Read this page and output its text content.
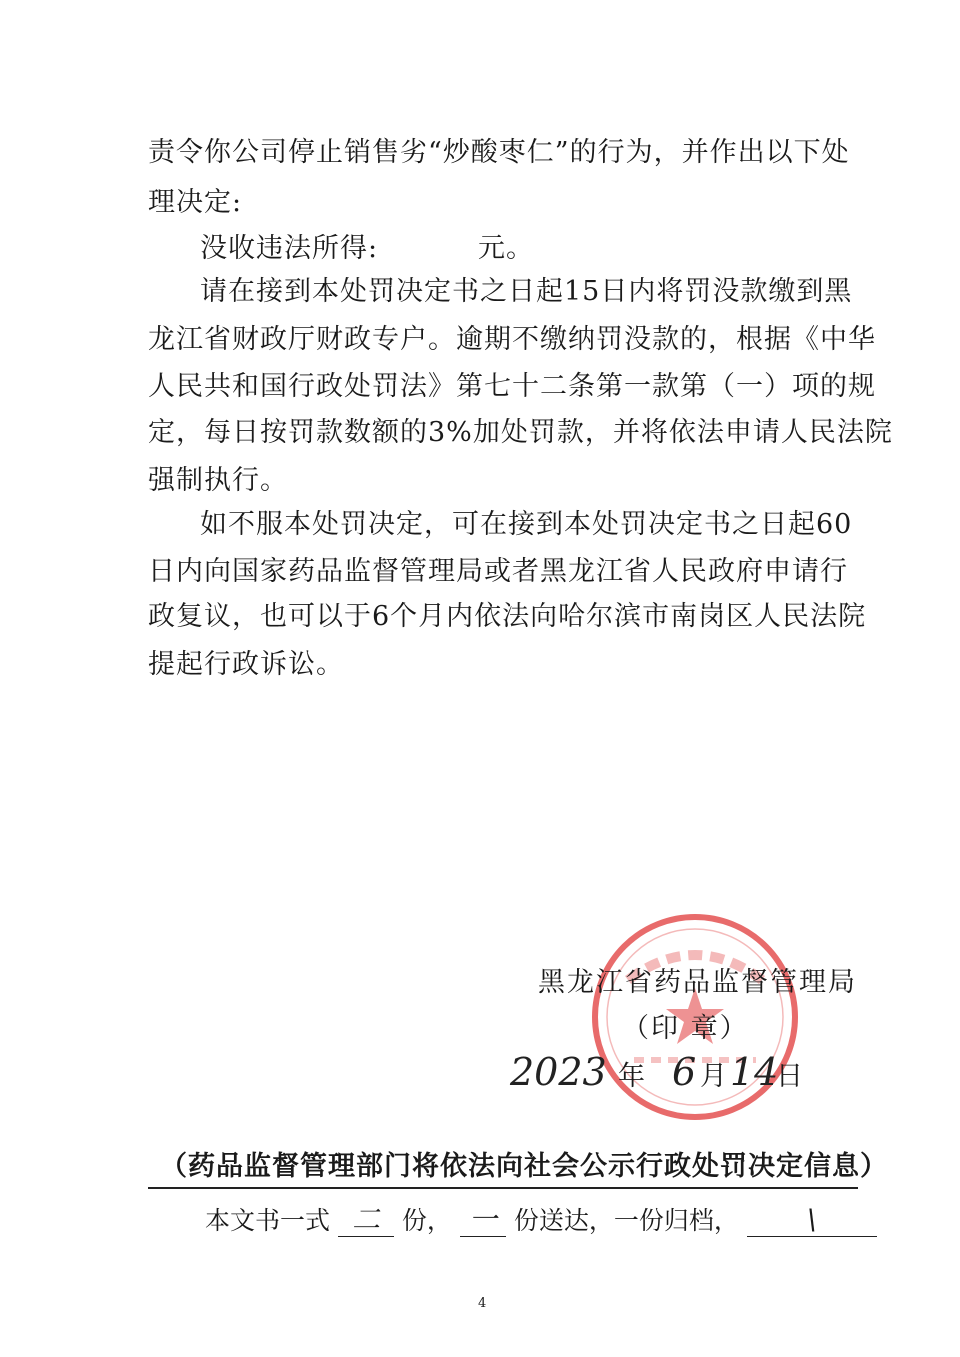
责令你公司停止销售劣“炒酸枣仁”的行为，并作出以下处
理决定:
没收违法所得:	元。
请在接到本处罚决定书之日起15日内将罚没款缴到黑
龙江省财政厅财政专户。逾期不缴纳罚没款的，根据《中华
人民共和国行政处罚法》第七十二条第一款第（一）项的规
定，每日按罚款数额的3%加处罚款，并将依法申请人民法院
强制执行。
如不服本处罚决定，可在接到本处罚决定书之日起60
日内向国家药品监督管理局或者黑龙江省人民政府申请行
政复议，也可以于6个月内依法向哈尔滨市南岗区人民法院
提起行政诉讼。
黑龙江省药品监督管理局
（印 章）
2023 年 6 月 14
日
（药品监督管理部门将依法向社会公示行政处罚决定信息）
本文书一式 二 份， 一 份送达，一份归档， \
4
